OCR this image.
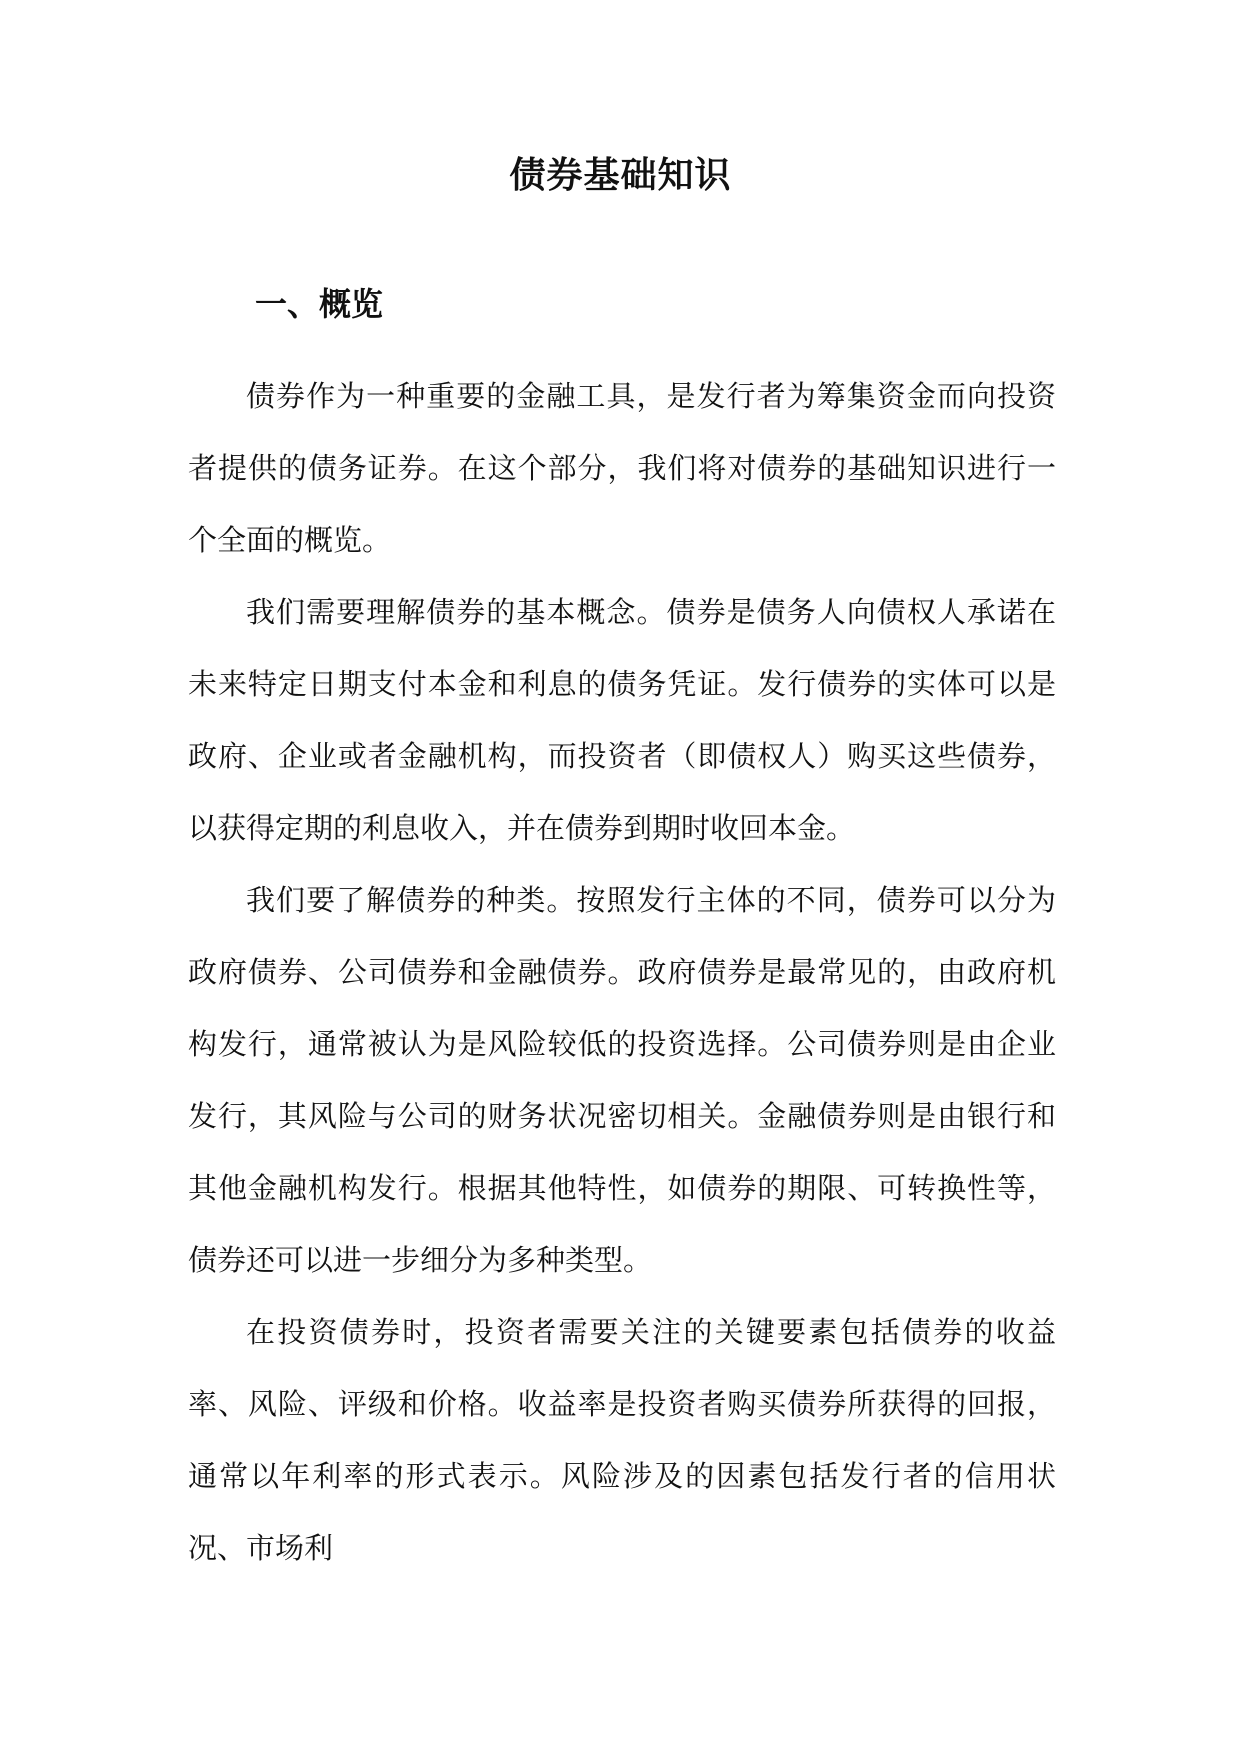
债券基础知识
一、概览

债券作为一种重要的金融工具，是发行者为筹集资金而向投资者提供的债务证券。在这个部分，我们将对债券的基础知识进行一个全面的概览。

我们需要理解债券的基本概念。债券是债务人向债权人承诺在未来特定日期支付本金和利息的债务凭证。发行债券的实体可以是政府、企业或者金融机构，而投资者（即债权人）购买这些债券，以获得定期的利息收入，并在债券到期时收回本金。

我们要了解债券的种类。按照发行主体的不同，债券可以分为政府债券、公司债券和金融债券。政府债券是最常见的，由政府机构发行，通常被认为是风险较低的投资选择。公司债券则是由企业发行，其风险与公司的财务状况密切相关。金融债券则是由银行和其他金融机构发行。根据其他特性，如债券的期限、可转换性等，债券还可以进一步细分为多种类型。

在投资债券时，投资者需要关注的关键要素包括债券的收益率、风险、评级和价格。收益率是投资者购买债券所获得的回报，通常以年利率的形式表示。风险涉及的因素包括发行者的信用状况、市场利
